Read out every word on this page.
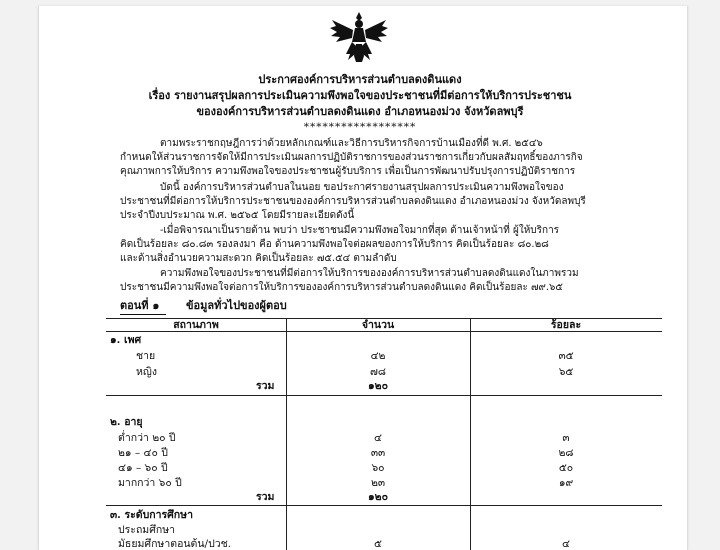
ประกาศองค์การบริหารส่วนตำบลดงดินแดง
เรื่อง รายงานสรุปผลการประเมินความพึงพอใจของประชาชนที่มีต่อการให้บริการประชาชน
ขององค์การบริหารส่วนตำบลดงดินแดง อำเภอหนองม่วง จังหวัดลพบุรี
******************
ตามพระราชกฤษฎีการว่าด้วยหลักเกณฑ์และวิธีการบริหารกิจการบ้านเมืองที่ดี พ.ศ. ๒๕๔๖
กำหนดให้ส่วนราชการจัดให้มีการประเมินผลการปฏิบัติราชการของส่วนราชการเกี่ยวกับผลสัมฤทธิ์ของภารกิจ
คุณภาพการให้บริการ ความพึงพอใจของประชาชนผู้รับบริการ เพื่อเป็นการพัฒนาปรับปรุงการปฏิบัติราชการ
บัดนี้ องค์การบริหารส่วนตำบลในนอย ขอประกาศรายงานสรุปผลการประเมินความพึงพอใจของ
ประชาชนที่มีต่อการให้บริการประชาชนขององค์การบริหารส่วนตำบลดงดินแดง อำเภอหนองม่วง จังหวัดลพบุรี
ประจำปีงบประมาณ พ.ศ. ๒๕๖๕ โดยมีรายละเอียดดังนี้
-เมื่อพิจารณาเป็นรายด้าน พบว่า ประชาชนมีความพึงพอใจมากที่สุด ด้านเจ้าหน้าที่ ผู้ให้บริการ
คิดเป็นร้อยละ ๘๐.๘๓ รองลงมา คือ ด้านความพึงพอใจต่อผลของการให้บริการ คิดเป็นร้อยละ ๘๐.๒๘
และด้านสิ่งอำนวยความสะดวก คิดเป็นร้อยละ ๗๕.๕๔ ตามลำดับ
ความพึงพอใจของประชาชนที่มีต่อการให้บริการขององค์การบริหารส่วนตำบลดงดินแดงในภาพรวม
ประชาชนมีความพึงพอใจต่อการให้บริการขององค์การบริหารส่วนตำบลดงดินแดง คิดเป็นร้อยละ ๗๙.๖๕
ตอนที่ ๑ ข้อมูลทั่วไปของผู้ตอบ
สถานภาพ	จำนวน	ร้อยละ
๑. เพศ
ชาย	๔๒	๓๕
หญิง	๗๘	๖๕
รวม	๑๒๐
๒. อายุ
ต่ำกว่า ๒๐ ปี	๔	๓
๒๑ – ๔๐ ปี	๓๓	๒๘
๔๑ – ๖๐ ปี	๖๐	๕๐
มากกว่า ๖๐ ปี	๒๓	๑๙
รวม	๑๒๐
๓. ระดับการศึกษา
ประถมศึกษา
มัธยมศึกษาตอนต้น/ปวช.	๕	๔
